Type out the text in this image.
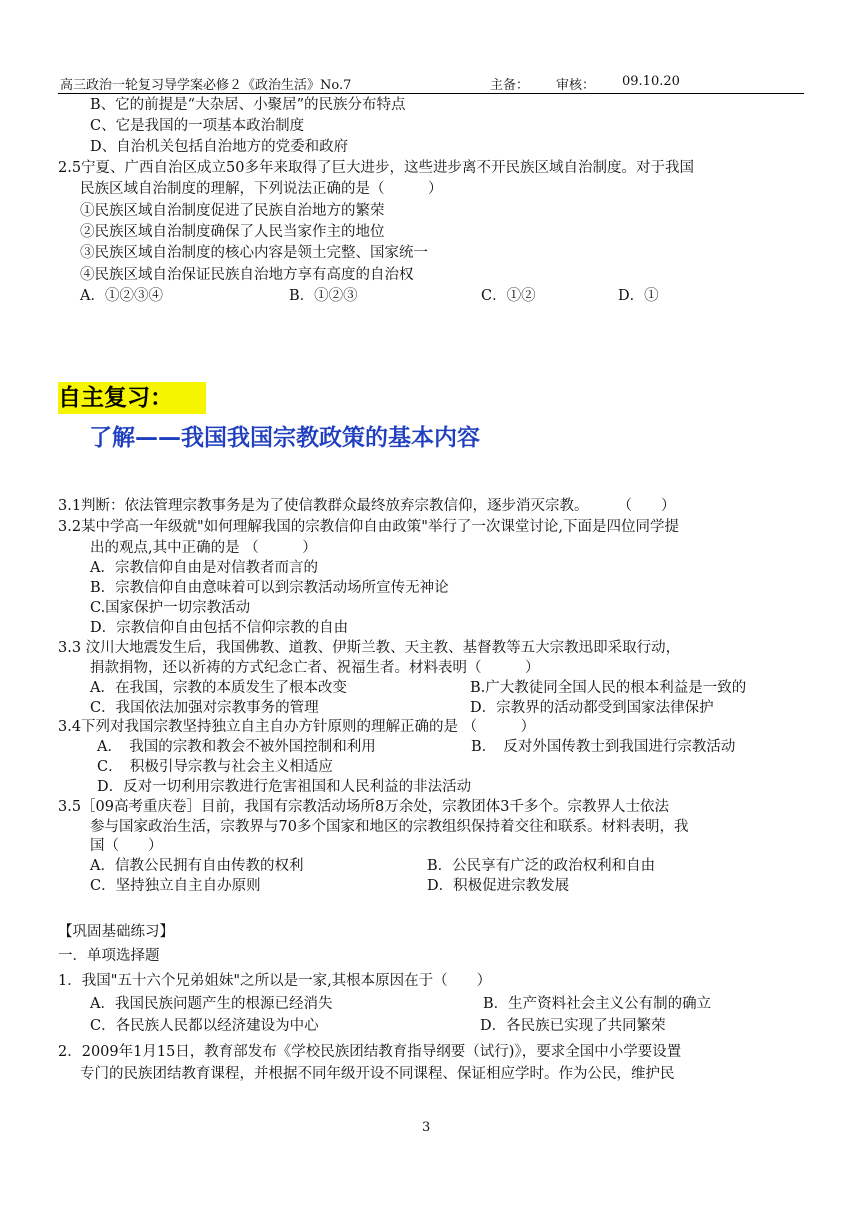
高三政治一轮复习导学案必修２《政治生活》No.7	主备： 审核： 09.10.20
B、它的前提是“大杂居、小聚居”的民族分布特点
C、它是我国的一项基本政治制度
D、自治机关包括自治地方的党委和政府
2.5宁夏、广西自治区成立50多年来取得了巨大进步，这些进步离不开民族区域自治制度。对于我国
民族区域自治制度的理解，下列说法正确的是（　　　）
①民族区域自治制度促进了民族自治地方的繁荣
②民族区域自治制度确保了人民当家作主的地位
③民族区域自治制度的核心内容是领土完整、国家统一
④民族区域自治保证民族自治地方享有高度的自治权
A．①②③④	B．①②③	C．①②	D．①
自主复习：
了解——我国我国宗教政策的基本内容
3.1判断：依法管理宗教事务是为了使信教群众最终放弃宗教信仰，逐步消灭宗教。　　　（　　）
3.2某中学高一年级就"如何理解我国的宗教信仰自由政策"举行了一次课堂讨论,下面是四位同学提
出的观点,其中正确的是 （　　　）
A．宗教信仰自由是对信教者而言的
B．宗教信仰自由意味着可以到宗教活动场所宣传无神论
C.国家保护一切宗教活动
D．宗教信仰自由包括不信仰宗教的自由
3.3 汶川大地震发生后，我国佛教、道教、伊斯兰教、天主教、基督教等五大宗教迅即采取行动，
捐款捐物，还以祈祷的方式纪念亡者、祝福生者。材料表明（　　　）
A．在我国，宗教的本质发生了根本改变	B.广大教徒同全国人民的根本利益是一致的
C．我国依法加强对宗教事务的管理	D．宗教界的活动都受到国家法律保护
3.4下列对我国宗教坚持独立自主自办方针原则的理解正确的是 （　　　）
A．　我国的宗教和教会不被外国控制和利用	B．　反对外国传教士到我国进行宗教活动
C．　积极引导宗教与社会主义相适应
D．反对一切利用宗教进行危害祖国和人民利益的非法活动
3.5［09高考重庆卷］目前，我国有宗教活动场所8万余处，宗教团体3千多个。宗教界人士依法
参与国家政治生活，宗教界与70多个国家和地区的宗教组织保持着交往和联系。材料表明，我
国（　　）
A．信教公民拥有自由传教的权利	B．公民享有广泛的政治权利和自由
C．坚持独立自主自办原则	D．积极促进宗教发展
【巩固基础练习】
一．单项选择题
1．我国"五十六个兄弟姐妹"之所以是一家,其根本原因在于（　　）
A．我国民族问题产生的根源已经消失	B．生产资料社会主义公有制的确立
C．各民族人民都以经济建设为中心	D．各民族已实现了共同繁荣
2．2009年1月15日，教育部发布《学校民族团结教育指导纲要（试行)》，要求全国中小学要设置
专门的民族团结教育课程，并根据不同年级开设不同课程、保证相应学时。作为公民，维护民
3
